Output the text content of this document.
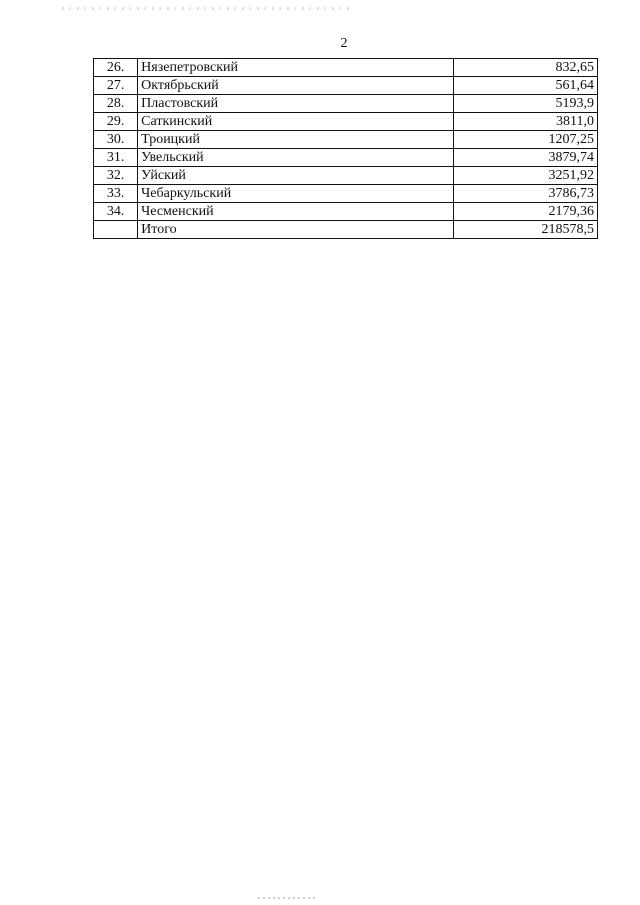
2
26.	Нязепетровский	832,65
27.	Октябрьский	561,64
28.	Пластовский	5193,9
29.	Саткинский	3811,0
30.	Троицкий	1207,25
31.	Увельский	3879,74
32.	Уйский	3251,92
33.	Чебаркульский	3786,73
34.	Чесменский	2179,36
	Итого	218578,5
